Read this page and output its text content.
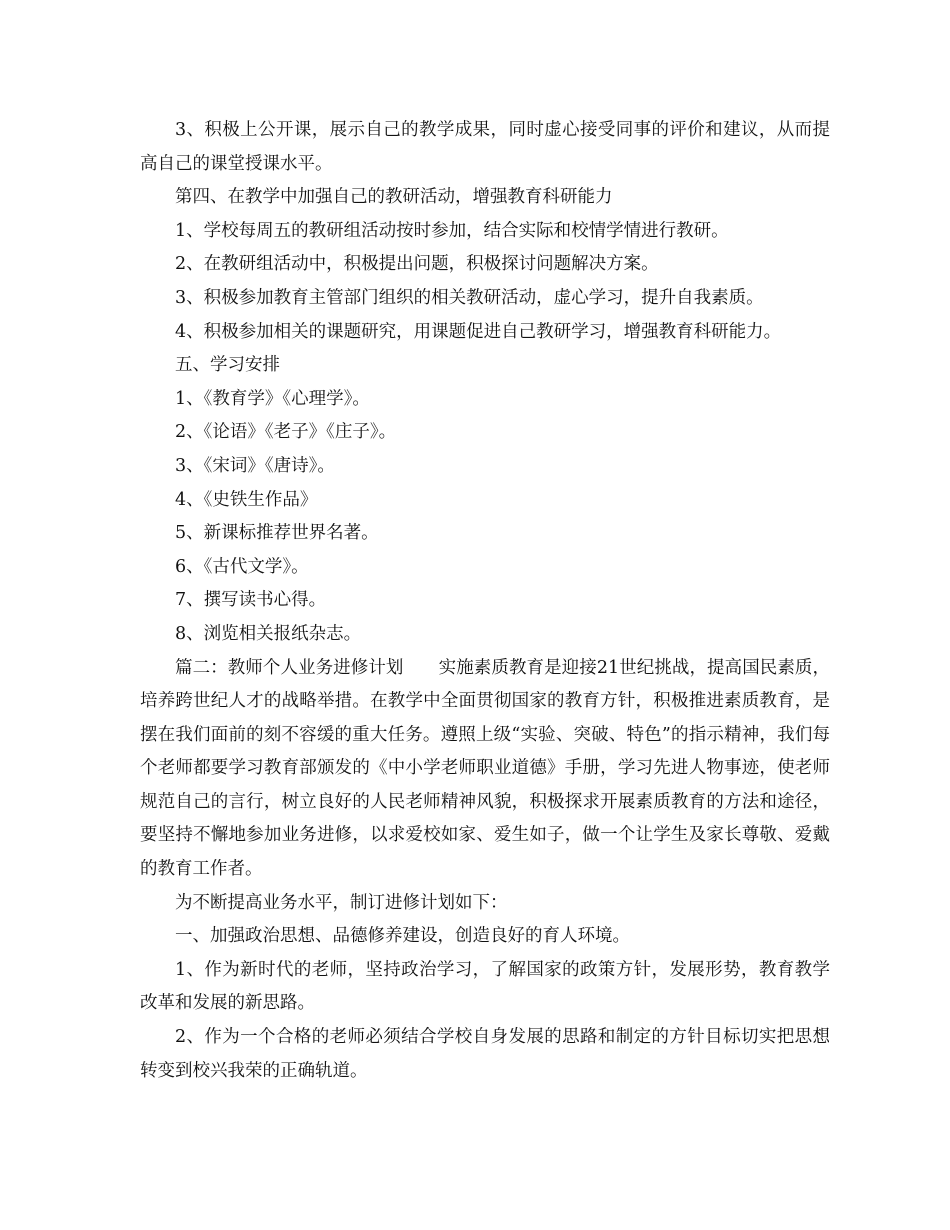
3、积极上公开课，展示自己的教学成果，同时虚心接受同事的评价和建议，从而提高自己的课堂授课水平。

第四、在教学中加强自己的教研活动，增强教育科研能力

1、学校每周五的教研组活动按时参加，结合实际和校情学情进行教研。

2、在教研组活动中，积极提出问题，积极探讨问题解决方案。

3、积极参加教育主管部门组织的相关教研活动，虚心学习，提升自我素质。

4、积极参加相关的课题研究，用课题促进自己教研学习，增强教育科研能力。

五、学习安排

1、《教育学》《心理学》。

2、《论语》《老子》《庄子》。

3、《宋词》《唐诗》。

4、《史铁生作品》

5、新课标推荐世界名著。

6、《古代文学》。

7、撰写读书心得。

8、浏览相关报纸杂志。

篇二：教师个人业务进修计划　　实施素质教育是迎接21世纪挑战，提高国民素质，培养跨世纪人才的战略举措。在教学中全面贯彻国家的教育方针，积极推进素质教育，是摆在我们面前的刻不容缓的重大任务。遵照上级“实验、突破、特色”的指示精神，我们每个老师都要学习教育部颁发的《中小学老师职业道德》手册，学习先进人物事迹，使老师规范自己的言行，树立良好的人民老师精神风貌，积极探求开展素质教育的方法和途径，要坚持不懈地参加业务进修，以求爱校如家、爱生如子，做一个让学生及家长尊敬、爱戴的教育工作者。

为不断提高业务水平，制订进修计划如下：

一、加强政治思想、品德修养建设，创造良好的育人环境。

1、作为新时代的老师，坚持政治学习，了解国家的政策方针，发展形势，教育教学改革和发展的新思路。

2、作为一个合格的老师必须结合学校自身发展的思路和制定的方针目标切实把思想转变到校兴我荣的正确轨道。
